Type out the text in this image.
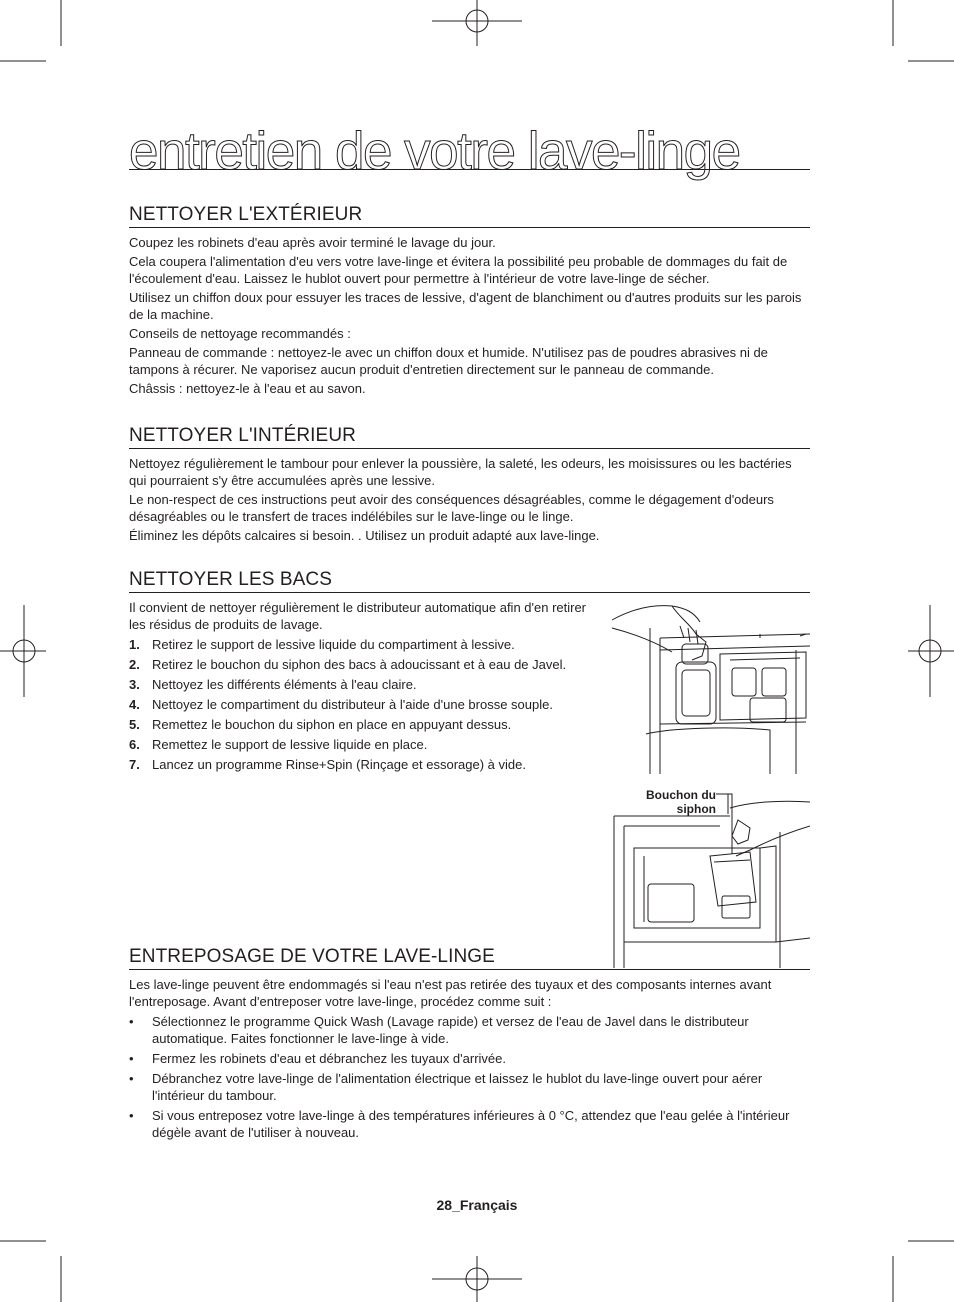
entretien de votre lave-linge
NETTOYER L'EXTÉRIEUR

Coupez les robinets d'eau après avoir terminé le lavage du jour.

Cela coupera l'alimentation d'eu vers votre lave-linge et évitera la possibilité peu probable de dommages du fait de l'écoulement d'eau. Laissez le hublot ouvert pour permettre à l'intérieur de votre lave-linge de sécher.

Utilisez un chiffon doux pour essuyer les traces de lessive, d'agent de blanchiment ou d'autres produits sur les parois de la machine.

Conseils de nettoyage recommandés :

Panneau de commande : nettoyez-le avec un chiffon doux et humide. N'utilisez pas de poudres abrasives ni de tampons à récurer. Ne vaporisez aucun produit d'entretien directement sur le panneau de commande.

Châssis : nettoyez-le à l'eau et au savon.

NETTOYER L'INTÉRIEUR

Nettoyez régulièrement le tambour pour enlever la poussière, la saleté, les odeurs, les moisissures ou les bactéries qui pourraient s'y être accumulées après une lessive.

Le non-respect de ces instructions peut avoir des conséquences désagréables, comme le dégagement d'odeurs désagréables ou le transfert de traces indélébiles sur le lave-linge ou le linge.

Éliminez les dépôts calcaires si besoin. . Utilisez un produit adapté aux lave-linge.

NETTOYER LES BACS

Il convient de nettoyer régulièrement le distributeur automatique afin d'en retirer les résidus de produits de lavage.

1. Retirez le support de lessive liquide du compartiment à lessive.
2. Retirez le bouchon du siphon des bacs à adoucissant et à eau de Javel.
3. Nettoyez les différents éléments à l'eau claire.
4. Nettoyez le compartiment du distributeur à l'aide d'une brosse souple.
5. Remettez le bouchon du siphon en place en appuyant dessus.
6. Remettez le support de lessive liquide en place.
7. Lancez un programme Rinse+Spin (Rinçage et essorage) à vide.
Bouchon du siphon
ENTREPOSAGE DE VOTRE LAVE-LINGE

Les lave-linge peuvent être endommagés si l'eau n'est pas retirée des tuyaux et des composants internes avant l'entreposage. Avant d'entreposer votre lave-linge, procédez comme suit :

• Sélectionnez le programme Quick Wash (Lavage rapide) et versez de l'eau de Javel dans le distributeur automatique. Faites fonctionner le lave-linge à vide.
• Fermez les robinets d'eau et débranchez les tuyaux d'arrivée.
• Débranchez votre lave-linge de l'alimentation électrique et laissez le hublot du lave-linge ouvert pour aérer l'intérieur du tambour.
• Si vous entreposez votre lave-linge à des températures inférieures à 0 °C, attendez que l'eau gelée à l'intérieur dégèle avant de l'utiliser à nouveau.
28_Français
